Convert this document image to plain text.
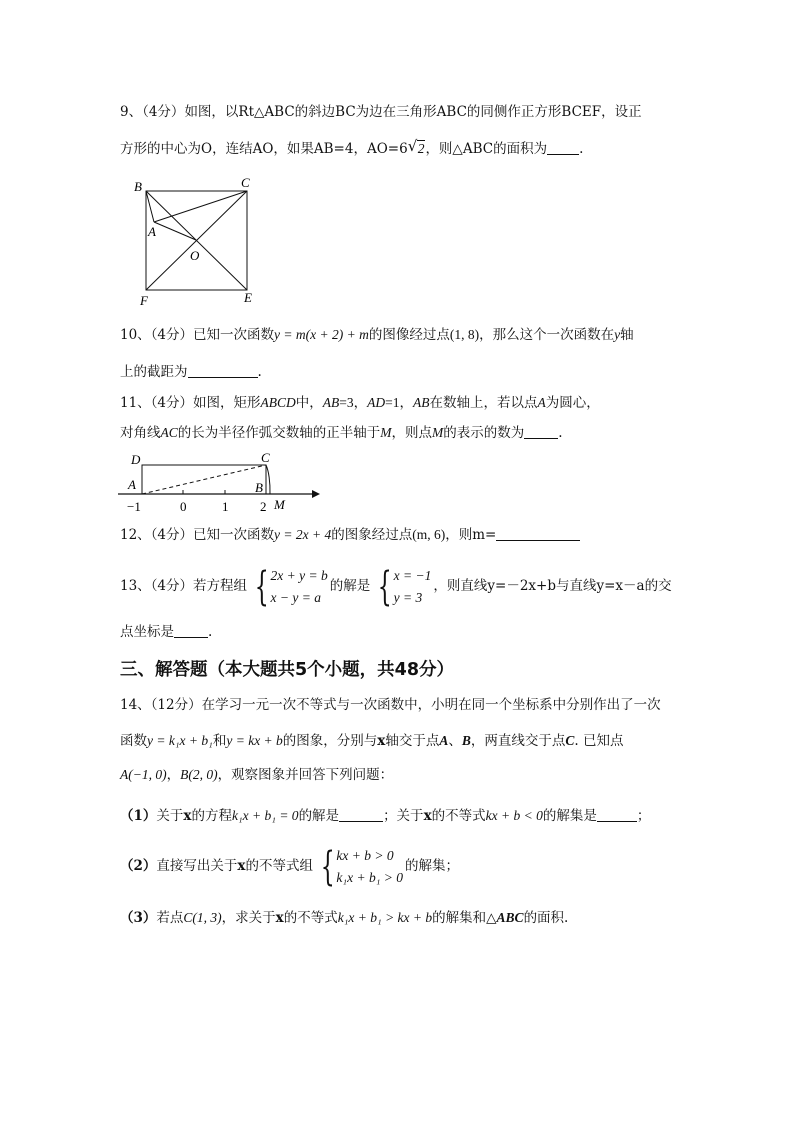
9、（4分）如图，以Rt△ABC的斜边BC为边在三角形ABC的同侧作正方形BCEF，设正
方形的中心为O，连结AO，如果AB=4，AO=6 √ 2，则△ABC的面积为 .
B	C
A
O
F	E
10、（4分）已知一次函数y = m(x + 2) + m的图像经过点(1, 8)，那么这个一次函数在y轴
上的截距为	.
11、（4分）如图，矩形ABCD中，AB=3，AD=1，AB在数轴上，若以点A为圆心，
对角线AC的长为半径作弧交数轴的正半轴于M，则点M的表示的数为	.
D	C
A	B
M
−1	0	1 2
12、（4分）已知一次函数y = 2x + 4的图象经过点(m, 6)，则m=
13、（4分）若方程组 { 2x + y = b
x − y = a
的解是 { x = −1
y = 3
，则直线y=－2x+b与直线y=x－a的交
点坐标是	.
三、解答题（本大题共5个小题，共48分）
14、（12分）在学习一元一次不等式与一次函数中，小明在同一个坐标系中分别作出了一次
函数y = k₁x + b₁和y = kx + b的图象，分别与x轴交于点A、B，两直线交于点C. 已知点
A(−1, 0)，B(2, 0)，观察图象并回答下列问题：
（1）关于x的方程k₁x + b₁ = 0的解是	；关于x的不等式kx + b < 0的解集是	；
（2）直接写出关于x的不等式组 { kx + b > 0
k₁x + b₁ > 0
的解集；
（3）若点C(1, 3)，求关于x的不等式k₁x + b₁ > kx + b的解集和△ABC的面积.
